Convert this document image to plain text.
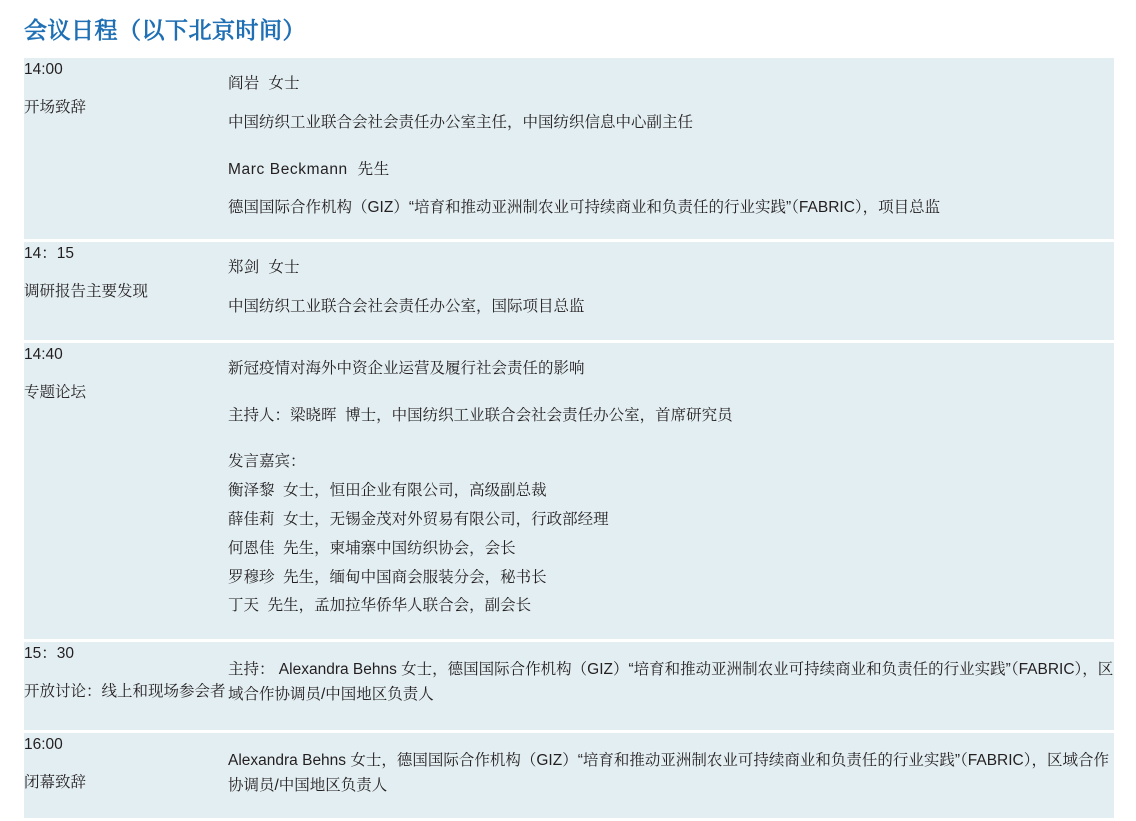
会议日程（以下北京时间）
14:00
开场致辞

阎岩  女士
中国纺织工业联合会社会责任办公室主任，中国纺织信息中心副主任
Marc Beckmann  先生
德国国际合作机构（GIZ）“培育和推动亚洲制农业可持续商业和负责任的行业实践”（FABRIC），项目总监

14：15
调研报告主要发现

郑剑  女士
中国纺织工业联合会社会责任办公室，国际项目总监

14:40
专题论坛

新冠疫情对海外中资企业运营及履行社会责任的影响
主持人：梁晓晖  博士，中国纺织工业联合会社会责任办公室，首席研究员
发言嘉宾：
衡泽黎  女士，恒田企业有限公司，高级副总裁
薛佳莉  女士，无锡金茂对外贸易有限公司，行政部经理
何恩佳  先生，柬埔寨中国纺织协会，会长
罗穆珍  先生，缅甸中国商会服装分会，秘书长
丁天  先生，孟加拉华侨华人联合会，副会长

15：30
开放讨论：线上和现场参会者	主持： Alexandra Behns 女士，德国国际合作机构（GIZ）“培育和推动亚洲制农业可持续商业和负责任的行业实践”（FABRIC），区域合作协调员/中国地区负责人

16:00
闭幕致辞	Alexandra Behns 女士，德国国际合作机构（GIZ）“培育和推动亚洲制农业可持续商业和负责任的行业实践”（FABRIC），区域合作协调员/中国地区负责人
